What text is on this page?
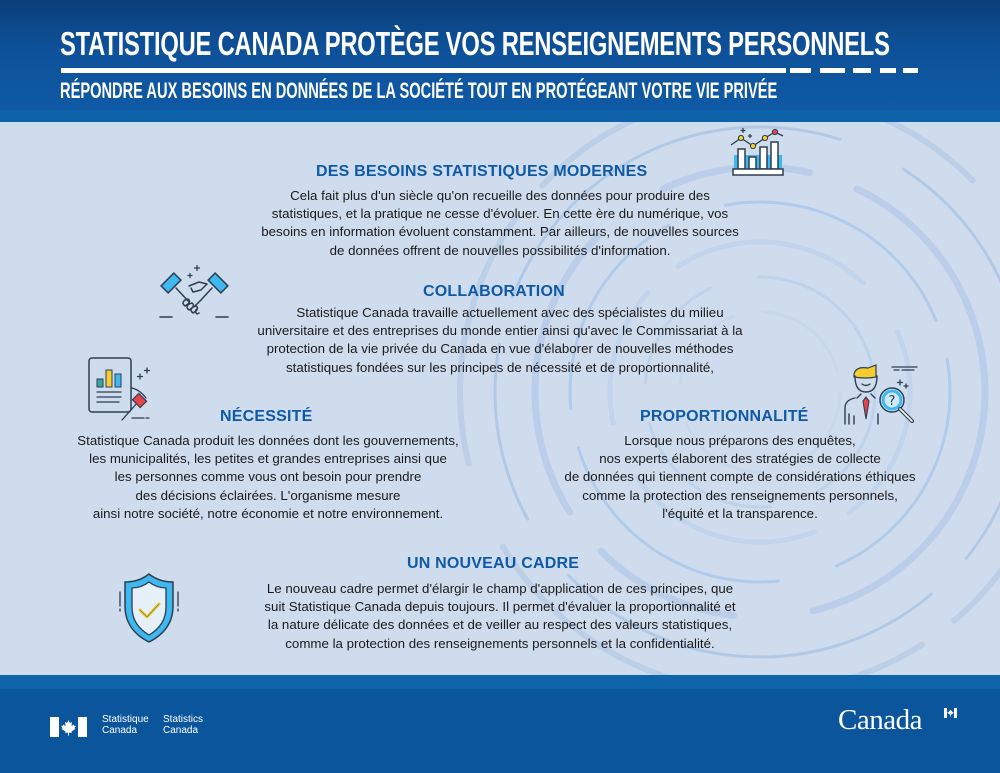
STATISTIQUE CANADA PROTÈGE VOS RENSEIGNEMENTS PERSONNELS
RÉPONDRE AUX BESOINS EN DONNÉES DE LA SOCIÉTÉ TOUT EN PROTÉGEANT VOTRE VIE PRIVÉE
DES BESOINS STATISTIQUES MODERNES
Cela fait plus d'un siècle qu'on recueille des données pour produire des
statistiques, et la pratique ne cesse d'évoluer. En cette ère du numérique, vos
besoins en information évoluent constamment. Par ailleurs, de nouvelles sources
de données offrent de nouvelles possibilités d'information.
COLLABORATION
Statistique Canada travaille actuellement avec des spécialistes du milieu
universitaire et des entreprises du monde entier ainsi qu'avec le Commissariat à la
protection de la vie privée du Canada en vue d'élaborer de nouvelles méthodes
statistiques fondées sur les principes de nécessité et de proportionnalité,
NÉCESSITÉ
Statistique Canada produit les données dont les gouvernements,
les municipalités, les petites et grandes entreprises ainsi que
les personnes comme vous ont besoin pour prendre
des décisions éclairées. L'organisme mesure
ainsi notre société, notre économie et notre environnement.
?
PROPORTIONNALITÉ
Lorsque nous préparons des enquêtes,
nos experts élaborent des stratégies de collecte
de données qui tiennent compte de considérations éthiques
comme la protection des renseignements personnels,
l'équité et la transparence.
UN NOUVEAU CADRE
Le nouveau cadre permet d'élargir le champ d'application de ces principes, que
suit Statistique Canada depuis toujours. Il permet d'évaluer la proportionnalité et
la nature délicate des données et de veiller au respect des valeurs statistiques,
comme la protection des renseignements personnels et la confidentialité.
Statistique
Canada
Statistics
Canada	Canada
